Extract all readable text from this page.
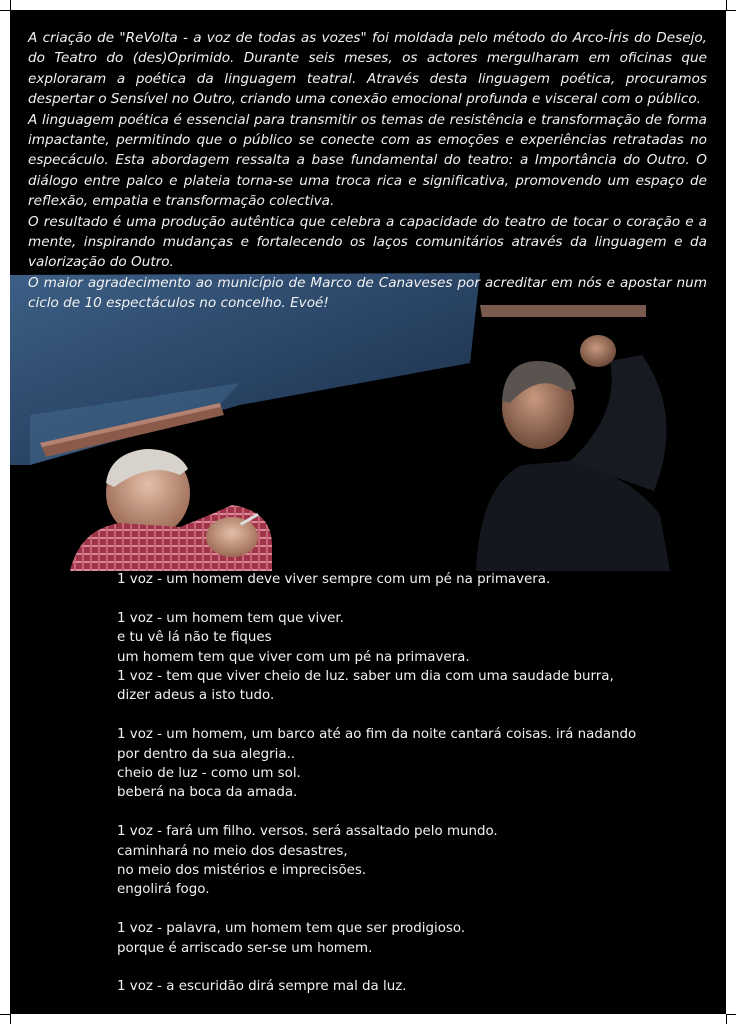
A criação de "ReVolta - a voz de todas as vozes" foi moldada pelo método do Arco-Íris do Desejo, do Teatro do (des)Oprimido. Durante seis meses, os actores mergulharam em oficinas que exploraram a poética da linguagem teatral. Através desta linguagem poética, procuramos despertar o Sensível no Outro, criando uma conexão emocional profunda e visceral com o público.

A linguagem poética é essencial para transmitir os temas de resistência e transformação de forma impactante, permitindo que o público se conecte com as emoções e experiências retratadas no especáculo. Esta abordagem ressalta a base fundamental do teatro: a Importância do Outro. O diálogo entre palco e plateia torna-se uma troca rica e significativa, promovendo um espaço de reflexão, empatia e transformação colectiva.

O resultado é uma produção autêntica que celebra a capacidade do teatro de tocar o coração e a mente, inspirando mudanças e fortalecendo os laços comunitários através da linguagem e da valorização do Outro.

O maior agradecimento ao município de Marco de Canaveses por acreditar em nós e apostar num ciclo de 10 espectáculos no concelho. Evoé!

1 voz - um homem deve viver sempre com um pé na primavera.
1 voz - um homem tem que viver.
e tu vê lá não te fiques
um homem tem que viver com um pé na primavera.
1 voz - tem que viver cheio de luz. saber um dia com uma saudade burra,
dizer adeus a isto tudo.
1 voz - um homem, um barco até ao fim da noite cantará coisas. irá nadando
por dentro da sua alegria..
cheio de luz - como um sol.
beberá na boca da amada.
1 voz - fará um filho. versos. será assaltado pelo mundo.
caminhará no meio dos desastres,
no meio dos mistérios e imprecisões.
engolirá fogo.
1 voz - palavra, um homem tem que ser prodigioso.
porque é arriscado ser-se um homem.
1 voz - a escuridão dirá sempre mal da luz.
